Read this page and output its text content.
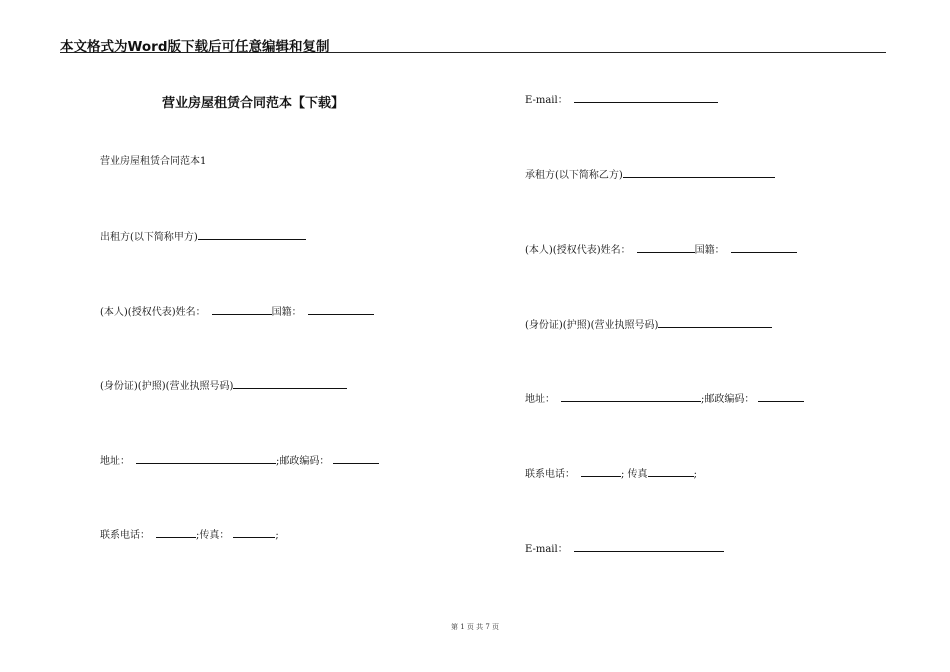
本文格式为Word版下载后可任意编辑和复制
营业房屋租赁合同范本【下载】
营业房屋租赁合同范本1
出租方(以下简称甲方)
(本人)(授权代表)姓名：	国籍：
(身份证)(护照)(营业执照号码)
地址：	;邮政编码：
联系电话：	;传真：	;
E-mail：
承租方(以下简称乙方)
(本人)(授权代表)姓名：	国籍：
(身份证)(护照)(营业执照号码)
地址：	;邮政编码：
联系电话：	; 传真	;
E-mail：
第 1 页 共 7 页
